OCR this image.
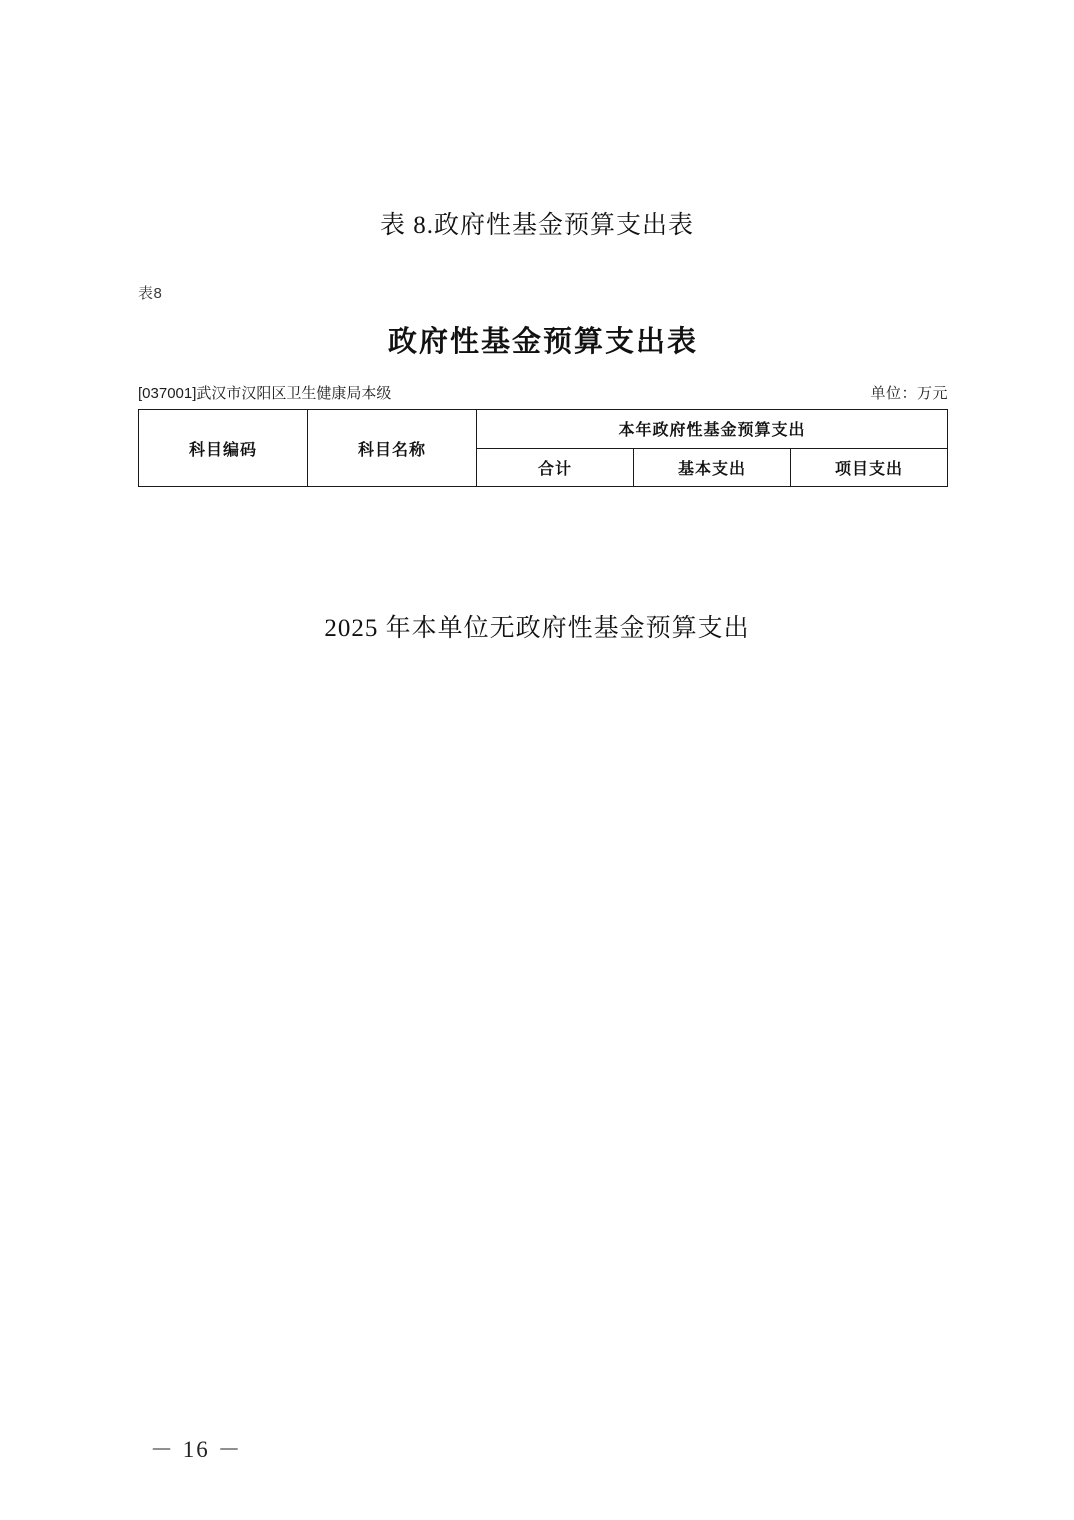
表 8.政府性基金预算支出表
表8
政府性基金预算支出表
[037001]武汉市汉阳区卫生健康局本级	单位：万元
科目编码	科目名称	本年政府性基金预算支出		
		合计	基本支出	项目支出
2025 年本单位无政府性基金预算支出
－ 16 －
